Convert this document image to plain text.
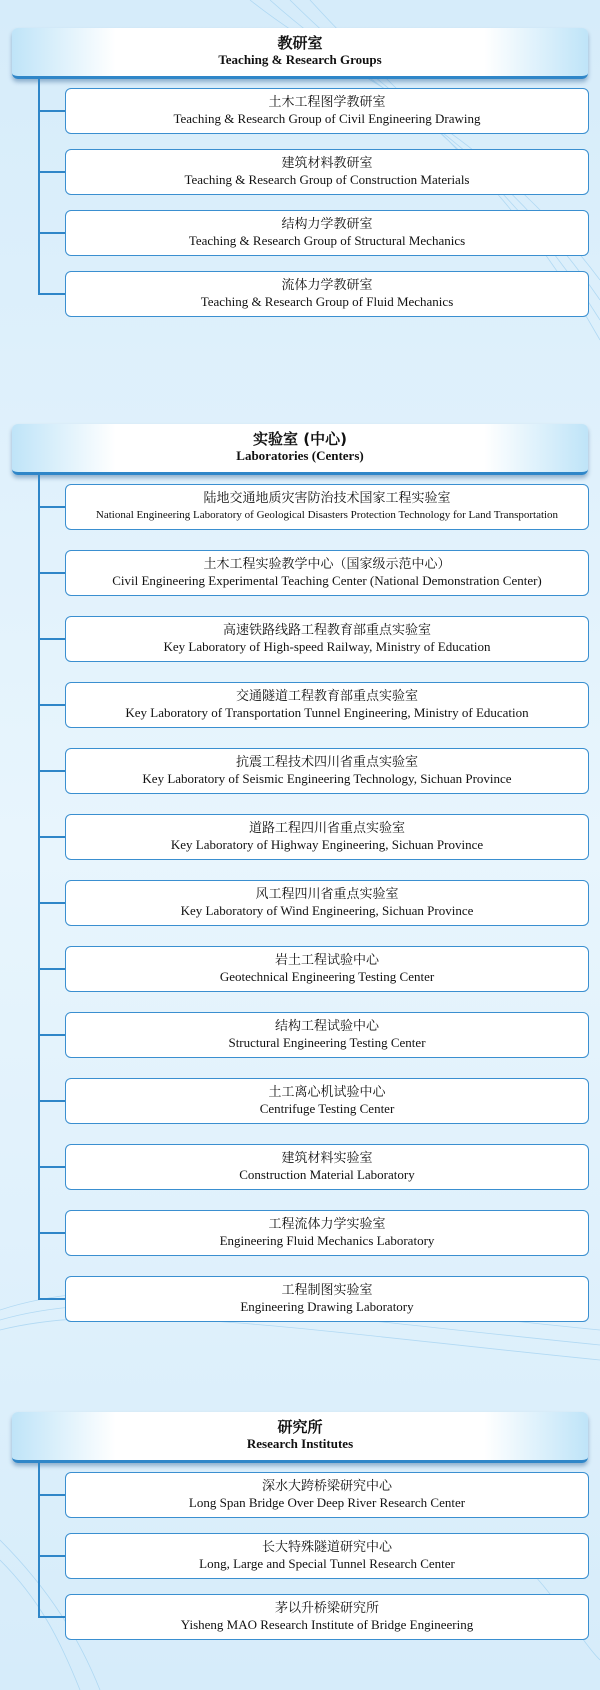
教研室
Teaching & Research Groups
土木工程图学教研室
Teaching & Research Group of Civil Engineering Drawing
建筑材料教研室
Teaching & Research Group of Construction Materials
结构力学教研室
Teaching & Research Group of Structural Mechanics
流体力学教研室
Teaching & Research Group of Fluid Mechanics
实验室 (中心)
Laboratories (Centers)
陆地交通地质灾害防治技术国家工程实验室
National Engineering Laboratory of Geological Disasters Protection Technology for Land Transportation
土木工程实验教学中心（国家级示范中心）
Civil Engineering Experimental Teaching Center (National Demonstration Center)
高速铁路线路工程教育部重点实验室
Key Laboratory of High-speed Railway, Ministry of Education
交通隧道工程教育部重点实验室
Key Laboratory of Transportation Tunnel Engineering, Ministry of Education
抗震工程技术四川省重点实验室
Key Laboratory of Seismic Engineering Technology, Sichuan Province
道路工程四川省重点实验室
Key Laboratory of Highway Engineering, Sichuan Province
风工程四川省重点实验室
Key Laboratory of Wind Engineering, Sichuan Province
岩土工程试验中心
Geotechnical Engineering Testing Center
结构工程试验中心
Structural Engineering Testing Center
土工离心机试验中心
Centrifuge Testing Center
建筑材料实验室
Construction Material Laboratory
工程流体力学实验室
Engineering Fluid Mechanics Laboratory
工程制图实验室
Engineering Drawing Laboratory
研究所
Research Institutes
深水大跨桥梁研究中心
Long Span Bridge Over Deep River Research Center
长大特殊隧道研究中心
Long, Large and Special Tunnel Research Center
茅以升桥梁研究所
Yisheng MAO Research Institute of Bridge Engineering
